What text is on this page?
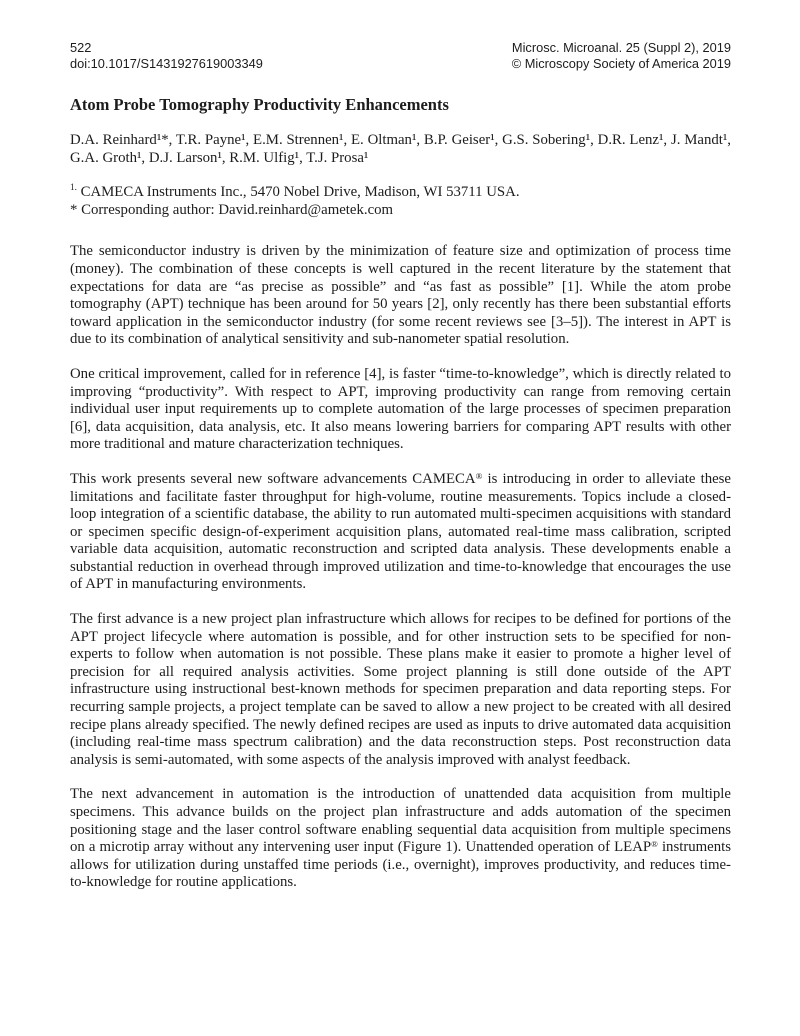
522
doi:10.1017/S1431927619003349
Microsc. Microanal. 25 (Suppl 2), 2019
© Microscopy Society of America 2019
Atom Probe Tomography Productivity Enhancements

D.A. Reinhard¹*, T.R. Payne¹, E.M. Strennen¹, E. Oltman¹, B.P. Geiser¹, G.S. Sobering¹, D.R. Lenz¹, J. Mandt¹, G.A. Groth¹, D.J. Larson¹, R.M. Ulfig¹, T.J. Prosa¹

$^{1.}$ CAMECA Instruments Inc., 5470 Nobel Drive, Madison, WI 53711 USA.
* Corresponding author: David.reinhard@ametek.com

The semiconductor industry is driven by the minimization of feature size and optimization of process time (money). The combination of these concepts is well captured in the recent literature by the statement that expectations for data are “as precise as possible” and “as fast as possible” [1]. While the atom probe tomography (APT) technique has been around for 50 years [2], only recently has there been substantial efforts toward application in the semiconductor industry (for some recent reviews see [3–5]). The interest in APT is due to its combination of analytical sensitivity and sub-nanometer spatial resolution.

One critical improvement, called for in reference [4], is faster “time-to-knowledge”, which is directly related to improving “productivity”. With respect to APT, improving productivity can range from removing certain individual user input requirements up to complete automation of the large processes of specimen preparation [6], data acquisition, data analysis, etc. It also means lowering barriers for comparing APT results with other more traditional and mature characterization techniques.

This work presents several new software advancements CAMECA® is introducing in order to alleviate these limitations and facilitate faster throughput for high-volume, routine measurements. Topics include a closed-loop integration of a scientific database, the ability to run automated multi-specimen acquisitions with standard or specimen specific design-of-experiment acquisition plans, automated real-time mass calibration, scripted variable data acquisition, automatic reconstruction and scripted data analysis. These developments enable a substantial reduction in overhead through improved utilization and time-to-knowledge that encourages the use of APT in manufacturing environments.

The first advance is a new project plan infrastructure which allows for recipes to be defined for portions of the APT project lifecycle where automation is possible, and for other instruction sets to be specified for non-experts to follow when automation is not possible. These plans make it easier to promote a higher level of precision for all required analysis activities. Some project planning is still done outside of the APT infrastructure using instructional best-known methods for specimen preparation and data reporting steps. For recurring sample projects, a project template can be saved to allow a new project to be created with all desired recipe plans already specified. The newly defined recipes are used as inputs to drive automated data acquisition (including real-time mass spectrum calibration) and the data reconstruction steps. Post reconstruction data analysis is semi-automated, with some aspects of the analysis improved with analyst feedback.

The next advancement in automation is the introduction of unattended data acquisition from multiple specimens. This advance builds on the project plan infrastructure and adds automation of the specimen positioning stage and the laser control software enabling sequential data acquisition from multiple specimens on a microtip array without any intervening user input (Figure 1). Unattended operation of LEAP® instruments allows for utilization during unstaffed time periods (i.e., overnight), improves productivity, and reduces time-to-knowledge for routine applications.
